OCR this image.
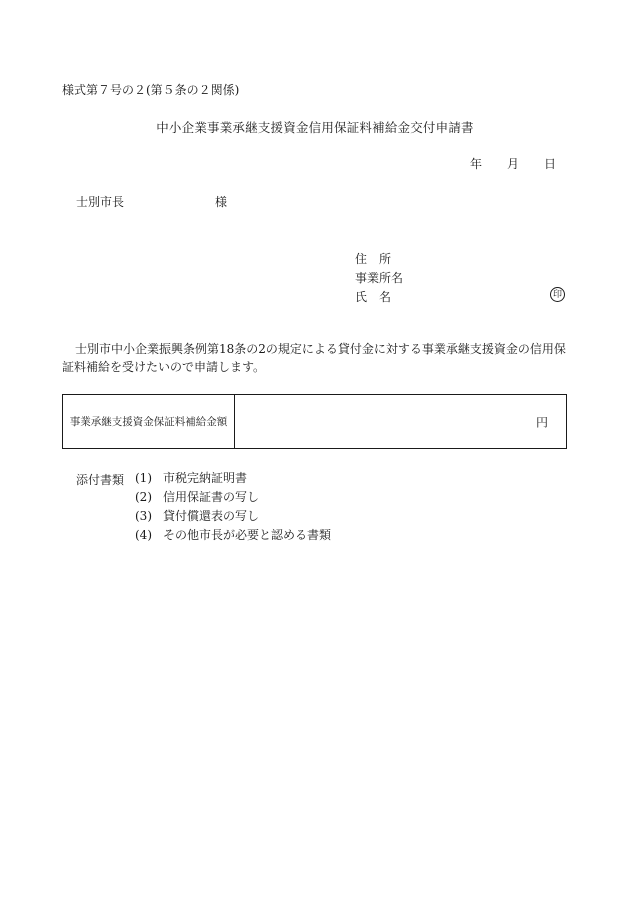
様式第７号の２(第５条の２関係)
中小企業事業承継支援資金信用保証料補給金交付申請書
年 月 日
士別市長	様
住所
事業所名
氏名	印
士別市中小企業振興条例第18条の2の規定による貸付金に対する事業承継支援資金の信用保証料補給を受けたいので申請します。
事業承継支援資金保証料補給金額	円
添付書類 (1) 市税完納証明書
(2) 信用保証書の写し
(3) 貸付償還表の写し
(4) その他市長が必要と認める書類
